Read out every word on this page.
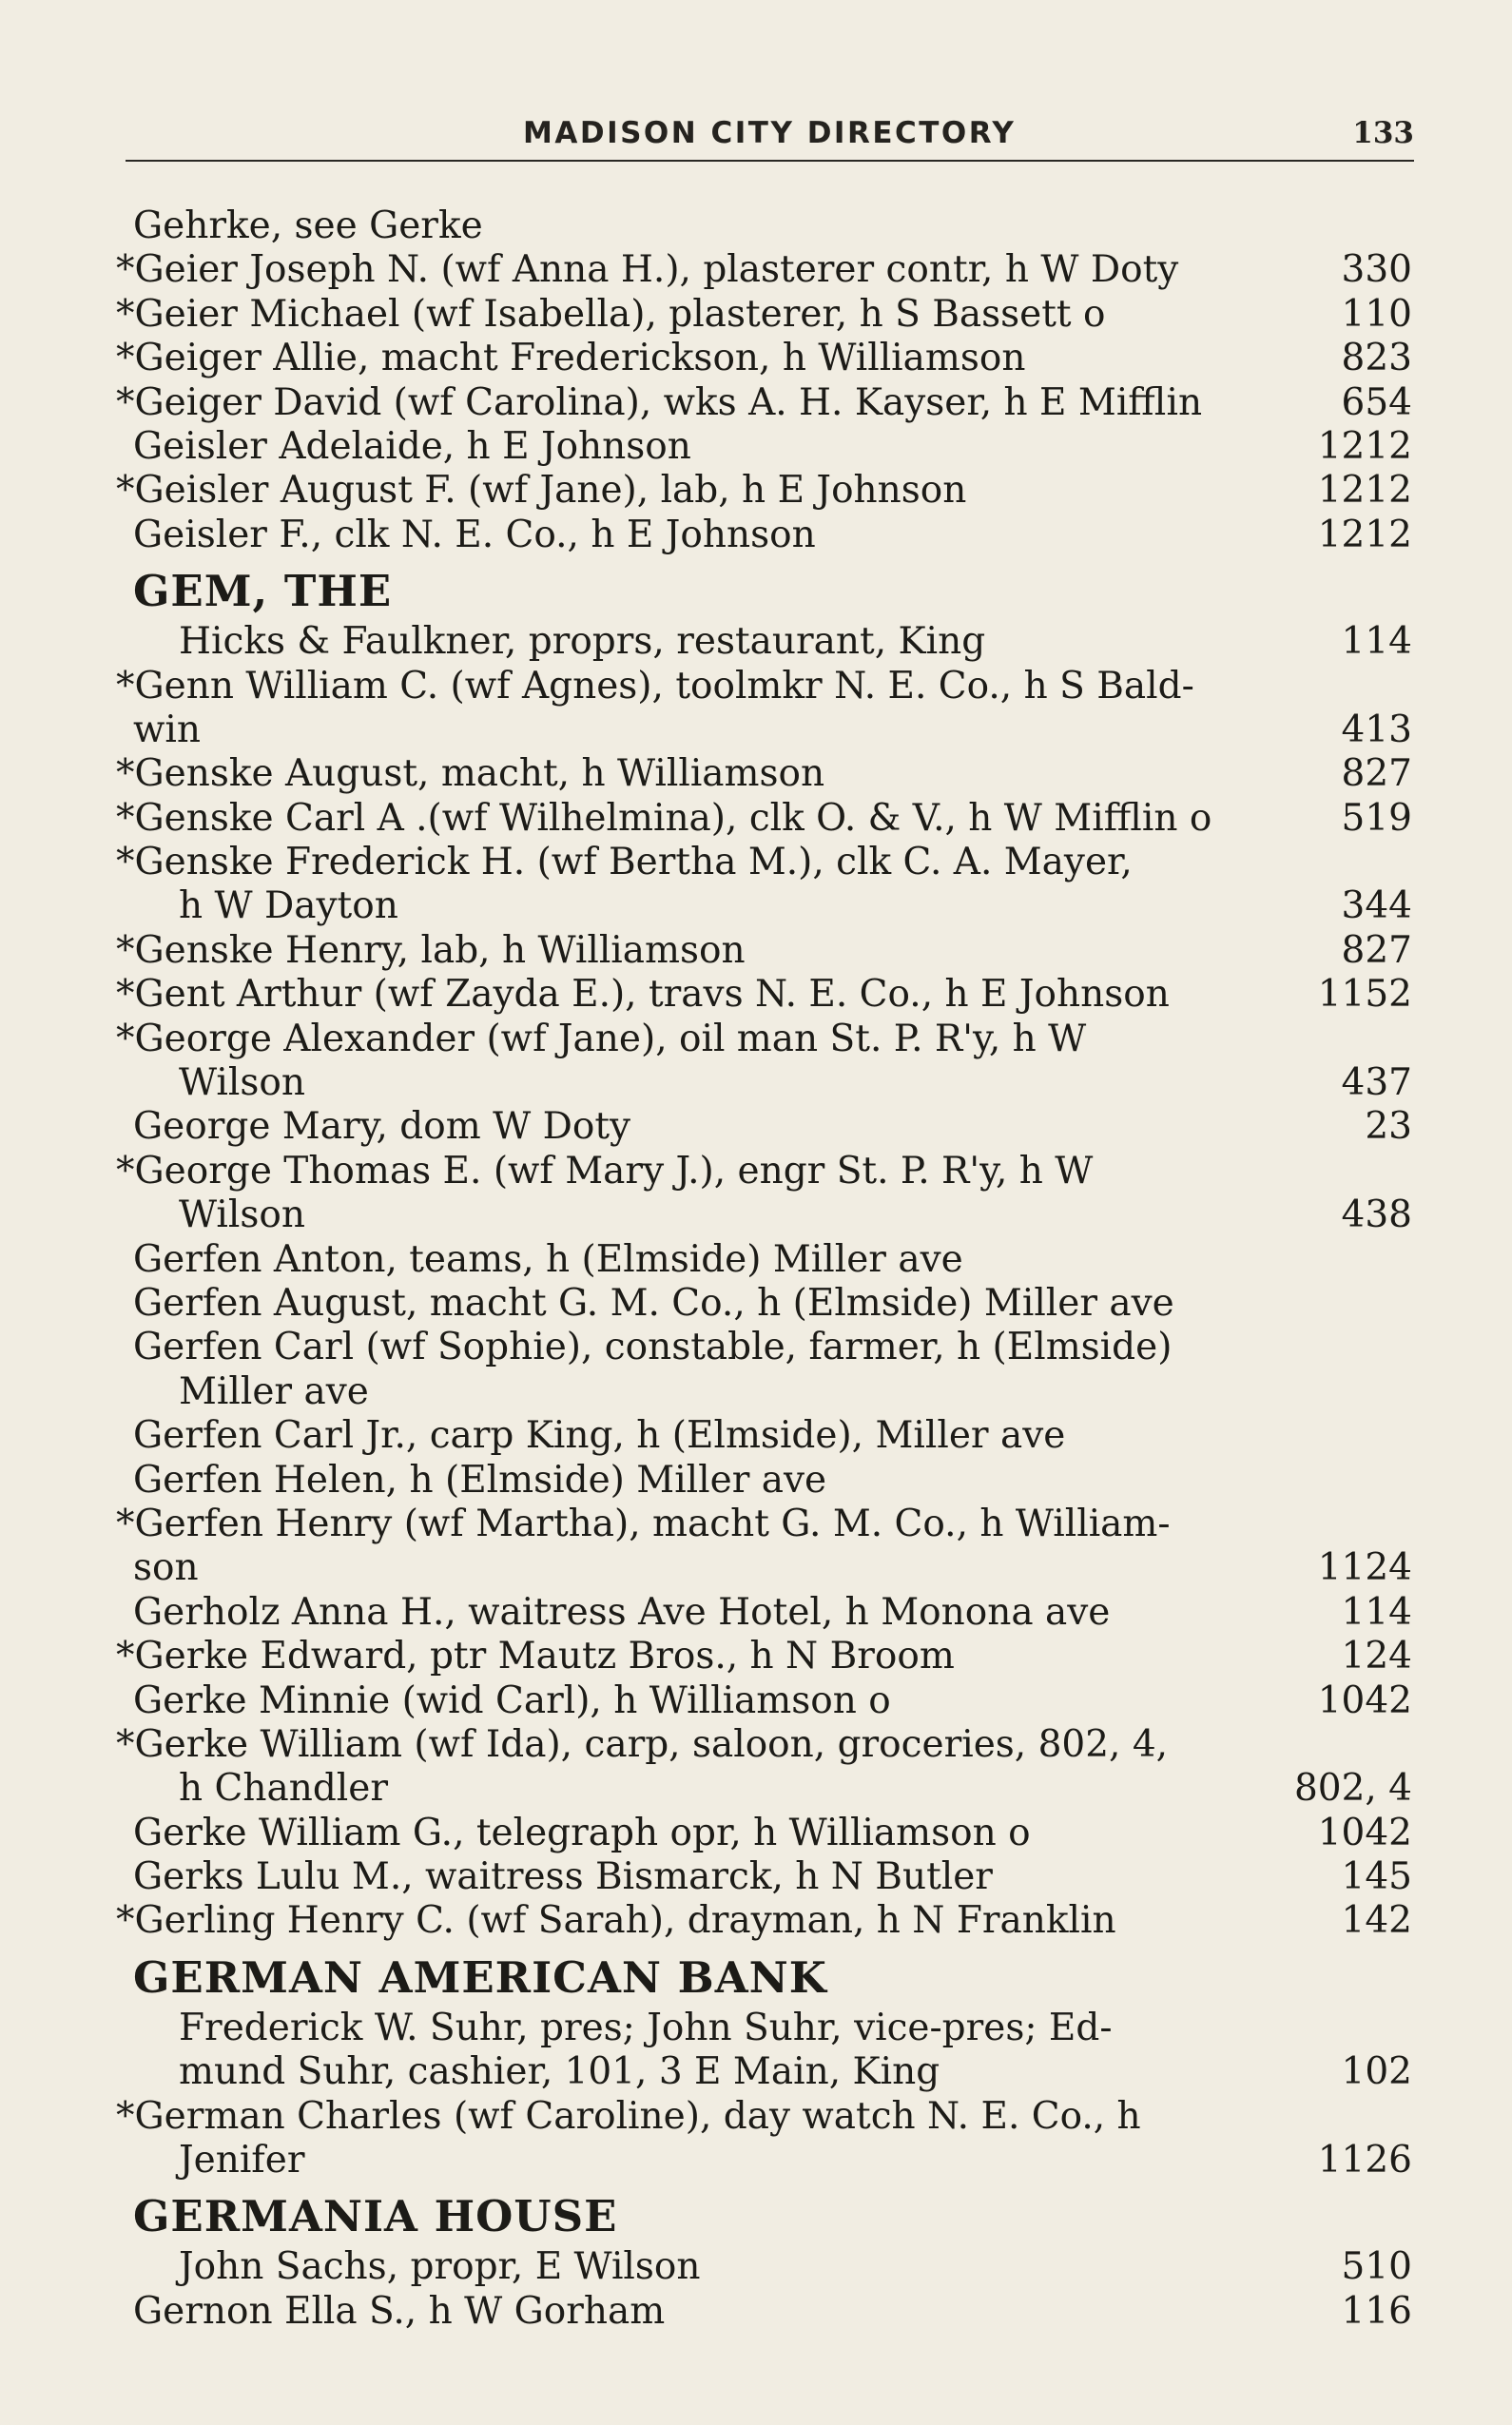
MADISON CITY DIRECTORY	133
Gehrke, see Gerke
*Geier Joseph N. (wf Anna H.), plasterer contr, h W Doty	330
*Geier Michael (wf Isabella), plasterer, h S Bassett o	110
*Geiger Allie, macht Frederickson, h Williamson	823
*Geiger David (wf Carolina), wks A. H. Kayser, h E Mifflin	654
Geisler Adelaide, h E Johnson	1212
*Geisler August F. (wf Jane), lab, h E Johnson	1212
Geisler F., clk N. E. Co., h E Johnson	1212
GEM, THE
Hicks & Faulkner, proprs, restaurant, King	114
*Genn William C. (wf Agnes), toolmkr N. E. Co., h S Bald-
win	413
*Genske August, macht, h Williamson	827
*Genske Carl A .(wf Wilhelmina), clk O. & V., h W Mifflin o	519
*Genske Frederick H. (wf Bertha M.), clk C. A. Mayer,
h W Dayton	344
*Genske Henry, lab, h Williamson	827
*Gent Arthur (wf Zayda E.), travs N. E. Co., h E Johnson	1152
*George Alexander (wf Jane), oil man St. P. R'y, h W
Wilson	437
George Mary, dom W Doty	23
*George Thomas E. (wf Mary J.), engr St. P. R'y, h W
Wilson	438
Gerfen Anton, teams, h (Elmside) Miller ave
Gerfen August, macht G. M. Co., h (Elmside) Miller ave
Gerfen Carl (wf Sophie), constable, farmer, h (Elmside)
Miller ave
Gerfen Carl Jr., carp King, h (Elmside), Miller ave
Gerfen Helen, h (Elmside) Miller ave
*Gerfen Henry (wf Martha), macht G. M. Co., h William-
son	1124
Gerholz Anna H., waitress Ave Hotel, h Monona ave	114
*Gerke Edward, ptr Mautz Bros., h N Broom	124
Gerke Minnie (wid Carl), h Williamson o	1042
*Gerke William (wf Ida), carp, saloon, groceries, 802, 4,
h Chandler	802, 4
Gerke William G., telegraph opr, h Williamson o	1042
Gerks Lulu M., waitress Bismarck, h N Butler	145
*Gerling Henry C. (wf Sarah), drayman, h N Franklin	142
GERMAN AMERICAN BANK
Frederick W. Suhr, pres; John Suhr, vice-pres; Ed-
mund Suhr, cashier, 101, 3 E Main, King	102
*German Charles (wf Caroline), day watch N. E. Co., h
Jenifer	1126
GERMANIA HOUSE
John Sachs, propr, E Wilson	510
Gernon Ella S., h W Gorham	116
